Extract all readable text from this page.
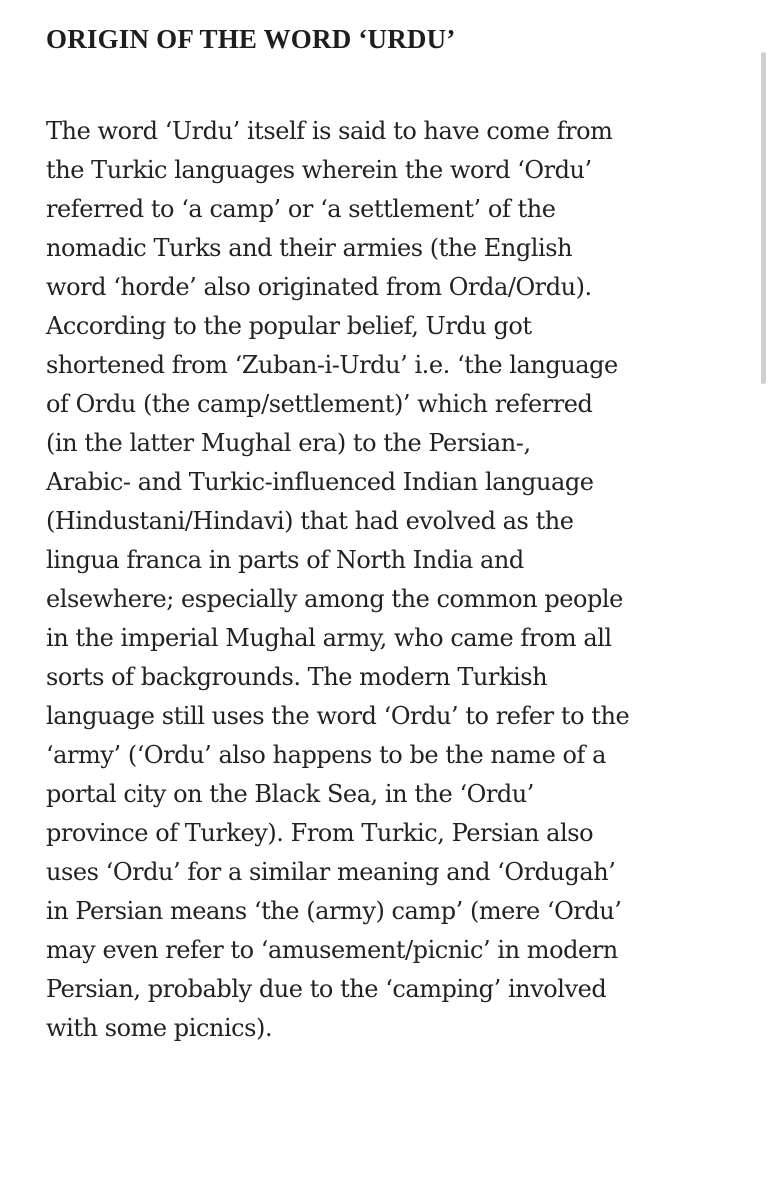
ORIGIN OF THE WORD ‘URDU’

The word ‘Urdu’ itself is said to have come from
the Turkic languages wherein the word ‘Ordu’
referred to ‘a camp’ or ‘a settlement’ of the
nomadic Turks and their armies (the English
word ‘horde’ also originated from Orda/Ordu).
According to the popular belief, Urdu got
shortened from ‘Zuban-i-Urdu’ i.e. ‘the language
of Ordu (the camp/settlement)’ which referred
(in the latter Mughal era) to the Persian-,
Arabic- and Turkic-influenced Indian language
(Hindustani/Hindavi) that had evolved as the
lingua franca in parts of North India and
elsewhere; especially among the common people
in the imperial Mughal army, who came from all
sorts of backgrounds. The modern Turkish
language still uses the word ‘Ordu’ to refer to the
‘army’ (‘Ordu’ also happens to be the name of a
portal city on the Black Sea, in the ‘Ordu’
province of Turkey). From Turkic, Persian also
uses ‘Ordu’ for a similar meaning and ‘Ordugah’
in Persian means ‘the (army) camp’ (mere ‘Ordu’
may even refer to ‘amusement/picnic’ in modern
Persian, probably due to the ‘camping’ involved
with some picnics).
